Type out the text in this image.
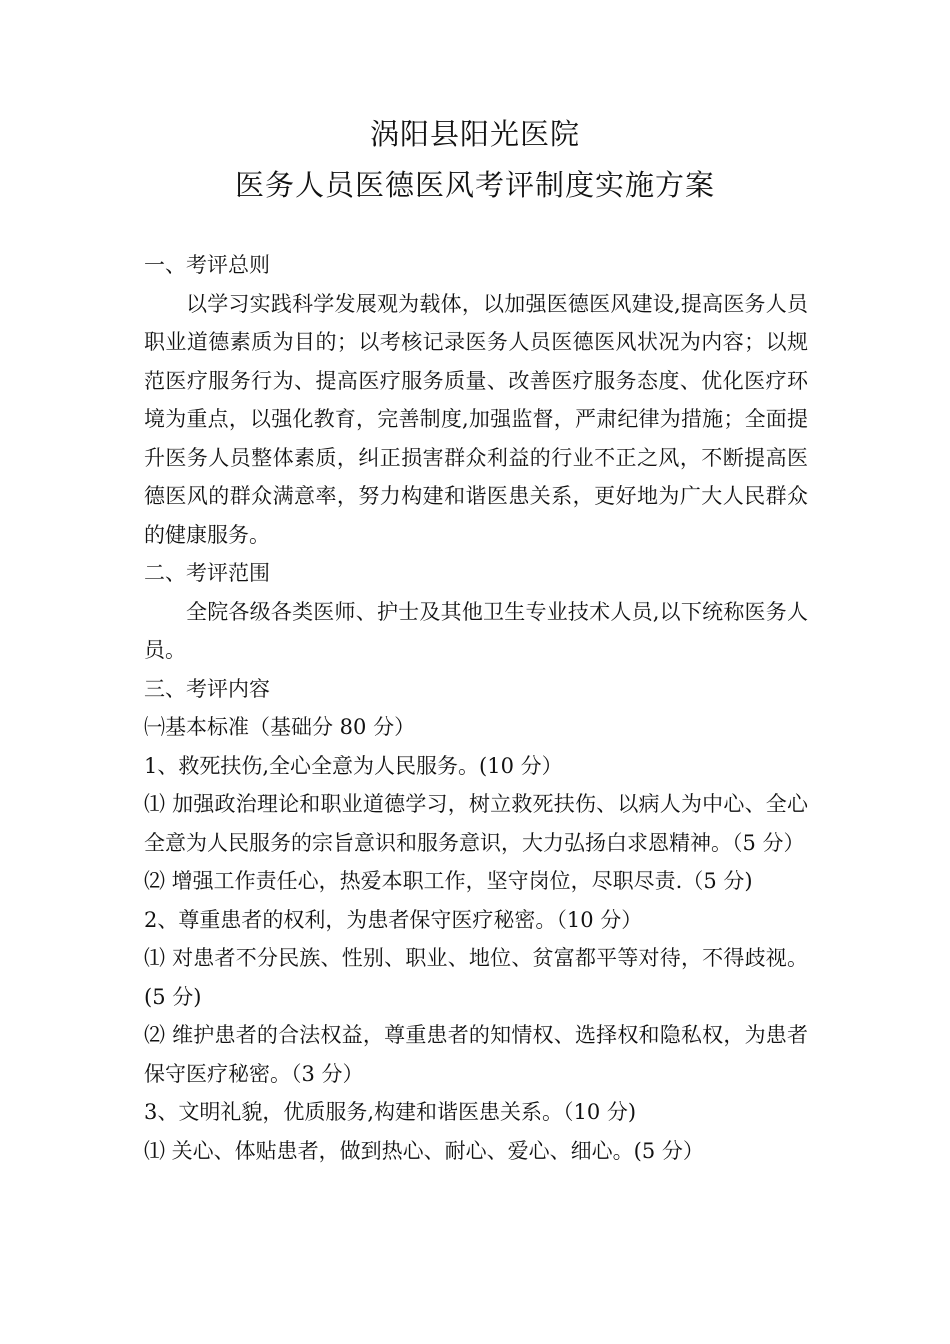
涡阳县阳光医院
医务人员医德医风考评制度实施方案

一、考评总则

以学习实践科学发展观为载体，以加强医德医风建设,提高医务人员职业道德素质为目的；以考核记录医务人员医德医风状况为内容；以规范医疗服务行为、提高医疗服务质量、改善医疗服务态度、优化医疗环境为重点，以强化教育，完善制度,加强监督，严肃纪律为措施；全面提升医务人员整体素质，纠正损害群众利益的行业不正之风，不断提高医德医风的群众满意率，努力构建和谐医患关系，更好地为广大人民群众的健康服务。

二、考评范围

全院各级各类医师、护士及其他卫生专业技术人员,以下统称医务人员。

三、考评内容

㈠基本标准（基础分 80 分）

1、救死扶伤,全心全意为人民服务。(10 分）

⑴ 加强政治理论和职业道德学习，树立救死扶伤、以病人为中心、全心全意为人民服务的宗旨意识和服务意识，大力弘扬白求恩精神。（5 分）

⑵ 增强工作责任心，热爱本职工作，坚守岗位，尽职尽责.（5 分)

2、尊重患者的权利，为患者保守医疗秘密。（10 分）

⑴ 对患者不分民族、性别、职业、地位、贫富都平等对待，不得歧视。(5 分)

⑵ 维护患者的合法权益，尊重患者的知情权、选择权和隐私权，为患者保守医疗秘密。（3 分）

3、文明礼貌，优质服务,构建和谐医患关系。（10 分)

⑴ 关心、体贴患者，做到热心、耐心、爱心、细心。(5 分）
